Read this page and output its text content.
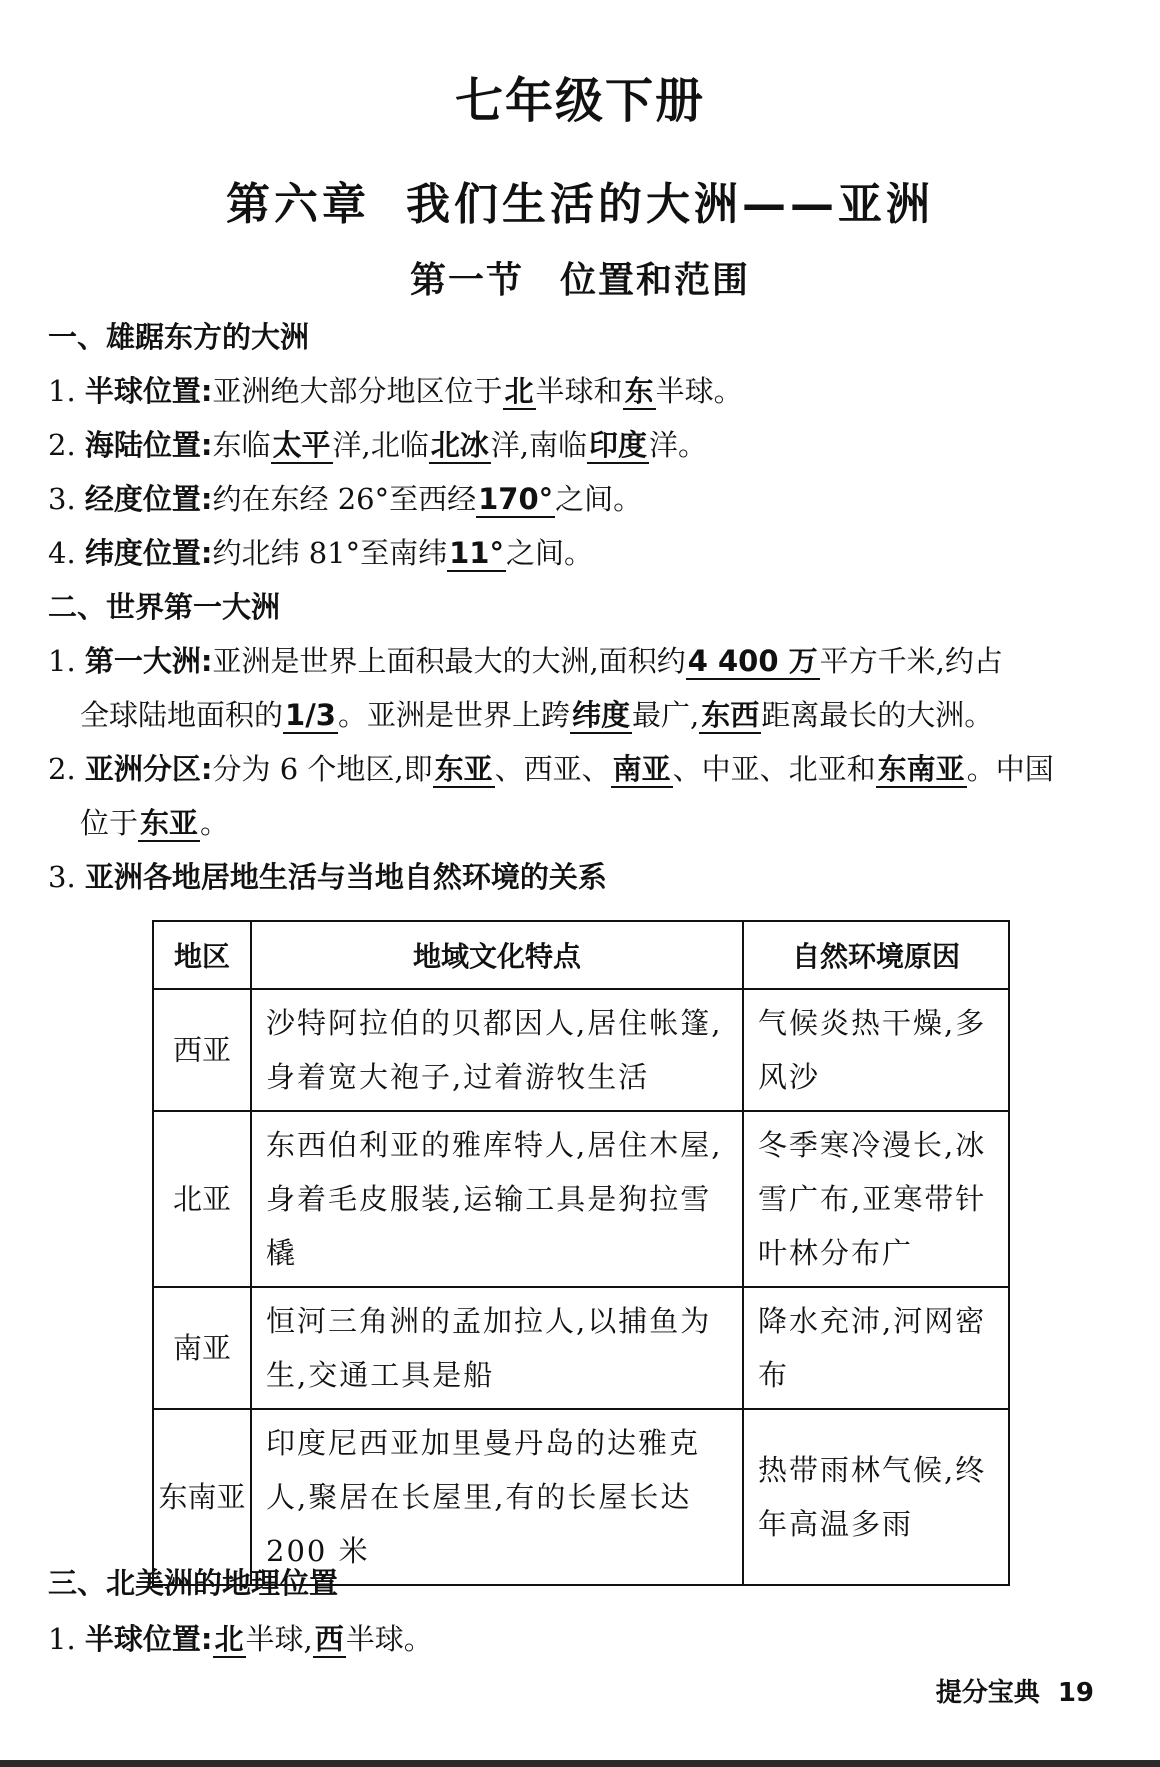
七年级下册
第六章 我们生活的大洲——亚洲
第一节 位置和范围
一、雄踞东方的大洲
1. 半球位置:亚洲绝大部分地区位于北半球和东半球。
2. 海陆位置:东临太平洋,北临北冰洋,南临印度洋。
3. 经度位置:约在东经 26°至西经170°之间。
4. 纬度位置:约北纬 81°至南纬11°之间。
二、世界第一大洲
1. 第一大洲:亚洲是世界上面积最大的大洲,面积约4 400 万平方千米,约占
全球陆地面积的1/3。亚洲是世界上跨纬度最广,东西距离最长的大洲。
2. 亚洲分区:分为 6 个地区,即东亚、西亚、南亚、中亚、北亚和东南亚。中国
位于东亚。
3. 亚洲各地居地生活与当地自然环境的关系
地区	地域文化特点	自然环境原因
西亚	沙特阿拉伯的贝都因人,居住帐篷,身着宽大袍子,过着游牧生活	气候炎热干燥,多风沙
北亚	东西伯利亚的雅库特人,居住木屋,身着毛皮服装,运输工具是狗拉雪橇	冬季寒冷漫长,冰雪广布,亚寒带针叶林分布广
南亚	恒河三角洲的孟加拉人,以捕鱼为生,交通工具是船	降水充沛,河网密布
东南亚	印度尼西亚加里曼丹岛的达雅克人,聚居在长屋里,有的长屋长达 200 米	热带雨林气候,终年高温多雨
三、北美洲的地理位置
1. 半球位置:北半球,西半球。
提分宝典 19
